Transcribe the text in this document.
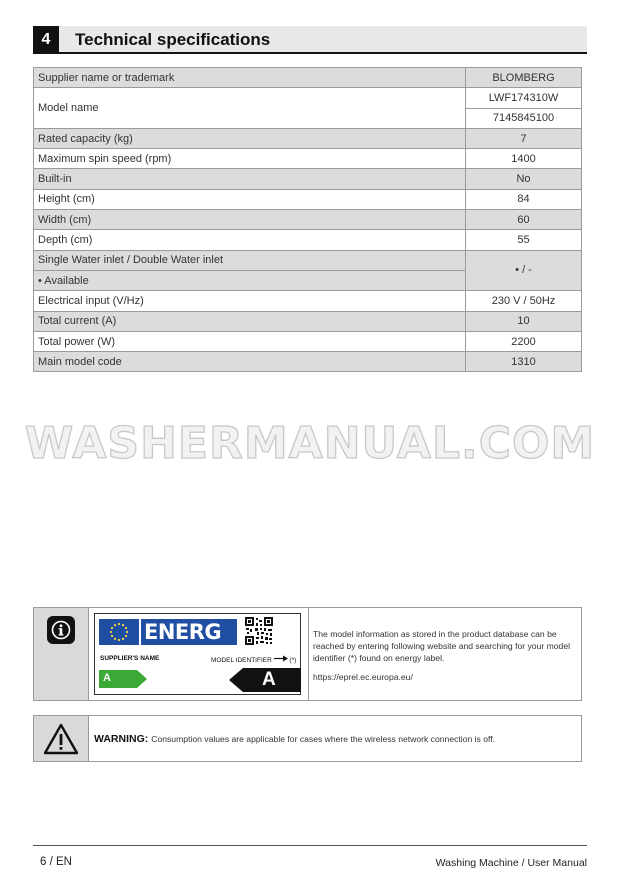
4	Technical specifications
Supplier name or trademark	BLOMBERG
Model name	LWF174310W
	7145845100
Rated capacity (kg)	7
Maximum spin speed (rpm)	1400
Built-in	No
Height (cm)	84
Width (cm)	60
Depth (cm)	55
Single Water inlet / Double Water inlet	• / -
• Available	
Electrical input (V/Hz)	230 V / 50Hz
Total current (A)	10
Total power (W)	2200
Main model code	1310
WASHERMANUAL.COM
ENERG
SUPPLIER'S NAME	MODEL IDENTIFIER	(*)
A	A

The model information as stored in the product database can be reached by entering following website and searching for your model identifier (*) found on energy label.

https://eprel.ec.europa.eu/

WARNING: Consumption values are applicable for cases where the wireless network connection is off.
6 / EN	Washing Machine / User Manual
